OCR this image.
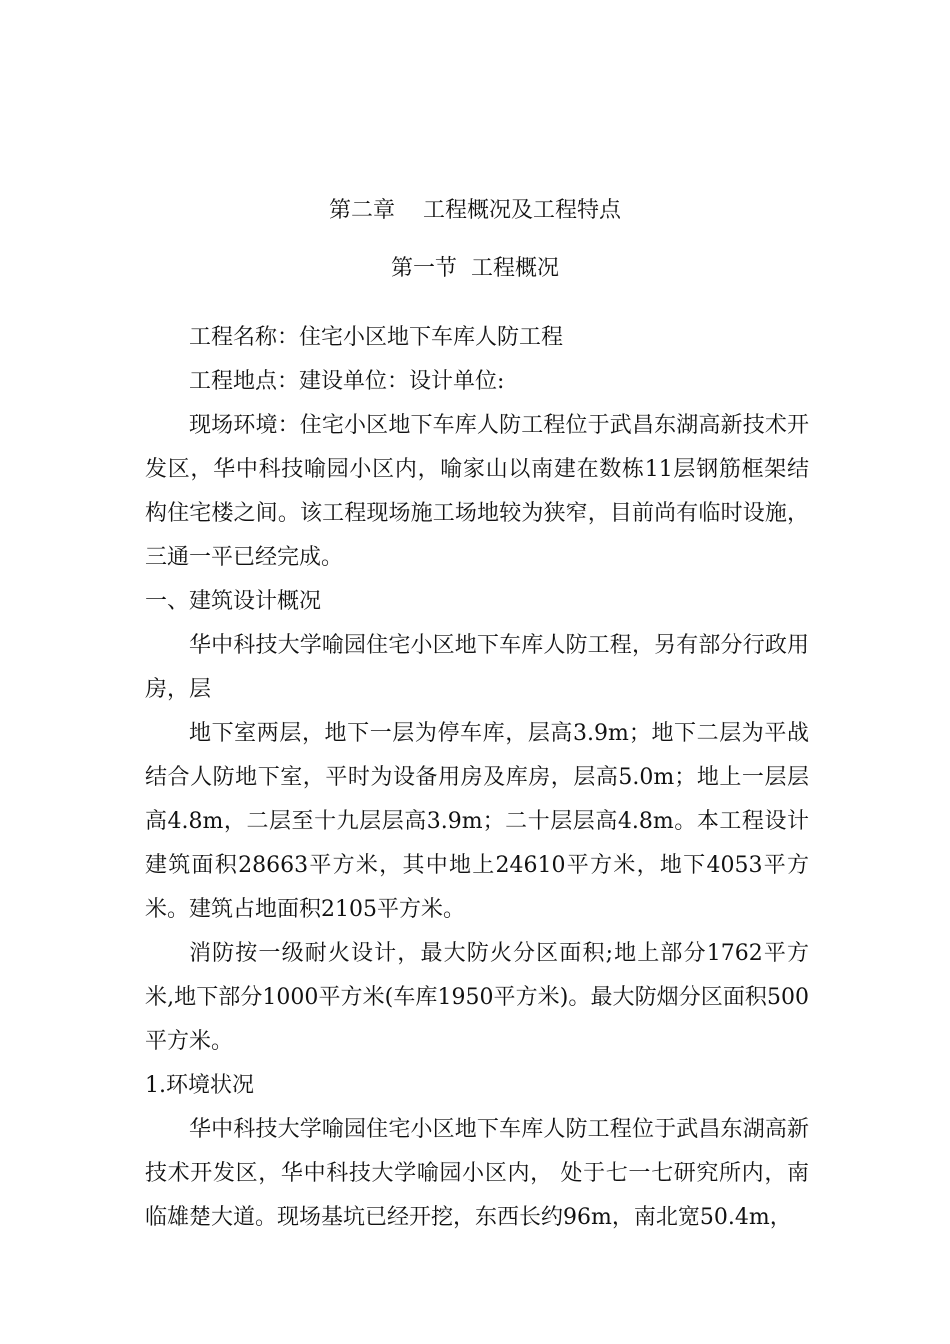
第二章    工程概况及工程特点
第一节  工程概况

工程名称：住宅小区地下车库人防工程

工程地点：建设单位：设计单位:

现场环境：住宅小区地下车库人防工程位于武昌东湖高新技术开发区，华中科技喻园小区内，喻家山以南建在数栋11层钢筋框架结构住宅楼之间。该工程现场施工场地较为狭窄，目前尚有临时设施，三通一平已经完成。

一、建筑设计概况

华中科技大学喻园住宅小区地下车库人防工程，另有部分行政用房，层

地下室两层，地下一层为停车库，层高3.9m；地下二层为平战结合人防地下室，平时为设备用房及库房，层高5.0m；地上一层层高4.8m，二层至十九层层高3.9m；二十层层高4.8m。本工程设计建筑面积28663平方米，其中地上24610平方米，地下4053平方米。建筑占地面积2105平方米。

消防按一级耐火设计，最大防火分区面积;地上部分1762平方米,地下部分1000平方米(车库1950平方米)。最大防烟分区面积500平方米。

1.环境状况

华中科技大学喻园住宅小区地下车库人防工程位于武昌东湖高新技术开发区，华中科技大学喻园小区内， 处于七一七研究所内，南临雄楚大道。现场基坑已经开挖，东西长约96m，南北宽50.4m，
